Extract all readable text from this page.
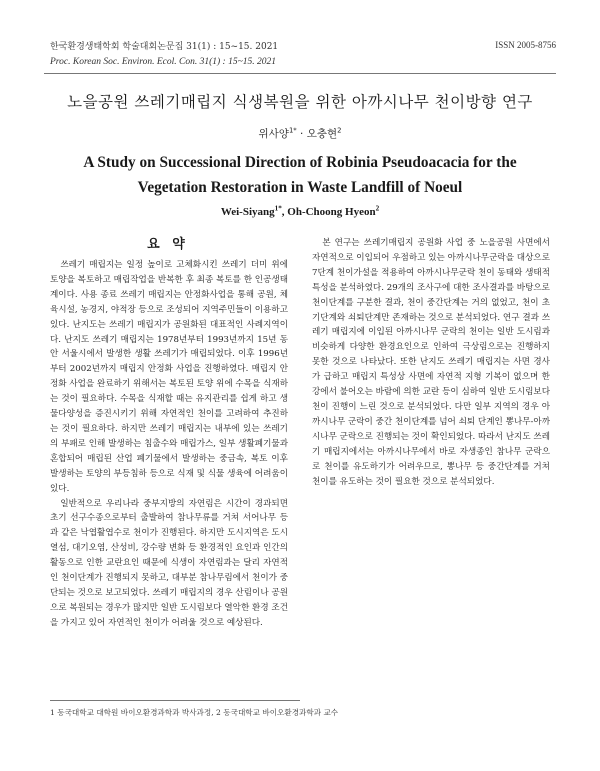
한국환경생태학회 학술대회논문집 31(1) : 15~15. 2021
Proc. Korean Soc. Environ. Ecol. Con. 31(1) : 15~15. 2021
ISSN 2005-8756
노을공원 쓰레기매립지 식생복원을 위한 아까시나무 천이방향 연구
위사양$^{1*}$ · 오충현$^2$
A Study on Successional Direction of Robinia Pseudoacacia for the Vegetation Restoration in Waste Landfill of Noeul
Wei-Siyang$^{1*}$, Oh-Choong Hyeon$^2$
요 약

쓰레기 매립지는 일정 높이로 고체화시킨 쓰레기 더미 위에 토양을 복토하고 매립작업을 반복한 후 최종 복토를 한 인공생태계이다. 사용 종료 쓰레기 매립지는 안정화사업을 통해 공원, 체육시설, 농경지, 야적장 등으로 조성되어 지역주민들이 이용하고 있다. 난지도는 쓰레기 매립지가 공원화된 대표적인 사례지역이다. 난지도 쓰레기 매립지는 1978년부터 1993년까지 15년 동안 서울시에서 발생한 생활 쓰레기가 매립되었다. 이후 1996년부터 2002년까지 매립지 안정화 사업을 진행하였다. 매립지 안정화 사업을 완료하기 위해서는 복토된 토양 위에 수목을 식재하는 것이 필요하다. 수목을 식재할 때는 유지관리를 쉽게 하고 생물다양성을 증진시키기 위해 자연적인 천이를 고려하여 추진하는 것이 필요하다. 하지만 쓰레기 매립지는 내부에 있는 쓰레기의 부패로 인해 발생하는 침출수와 매립가스, 일부 생활폐기물과 혼합되어 매립된 산업 폐기물에서 발생하는 중금속, 복토 이후 발생하는 토양의 부등침하 등으로 식재 및 식물 생육에 어려움이 있다.

일반적으로 우리나라 중부지방의 자연림은 시간이 경과되면 초기 선구수종으로부터 출발하여 참나무류를 거쳐 서어나무 등과 같은 낙엽활엽수로 천이가 진행된다. 하지만 도시지역은 도시열섬, 대기오염, 산성비, 강수량 변화 등 환경적인 요인과 인간의 활동으로 인한 교란요인 때문에 식생이 자연림과는 달리 자연적인 천이단계가 진행되지 못하고, 대부분 참나무림에서 천이가 중단되는 것으로 보고되었다. 쓰레기 매립지의 경우 산림이나 공원으로 복원되는 경우가 많지만 일반 도시림보다 열악한 환경 조건을 가지고 있어 자연적인 천이가 어려울 것으로 예상된다.

본 연구는 쓰레기매립지 공원화 사업 중 노을공원 사면에서 자연적으로 이입되어 우점하고 있는 아까시나무군락을 대상으로 7단계 천이가설을 적용하여 아까시나무군락 천이 동태와 생태적 특성을 분석하였다. 29개의 조사구에 대한 조사결과를 바탕으로 천이단계를 구분한 결과, 천이 중간단계는 거의 없었고, 천이 초기단계와 쇠퇴단계만 존재하는 것으로 분석되었다. 연구 결과 쓰레기 매립지에 이입된 아까시나무 군락의 천이는 일반 도시림과 비슷하게 다양한 환경요인으로 인하여 극상림으로는 진행하지 못한 것으로 나타났다. 또한 난지도 쓰레기 매립지는 사면 경사가 급하고 매립지 특성상 사면에 자연적 지형 기복이 없으며 한강에서 불어오는 바람에 의한 교란 등이 심하여 일반 도시림보다 천이 진행이 느린 것으로 분석되었다. 다만 일부 지역의 경우 아까시나무 군락이 중간 천이단계를 넘어 쇠퇴 단계인 뽕나무-아까시나무 군락으로 진행되는 것이 확인되었다. 따라서 난지도 쓰레기 매립지에서는 아까시나무에서 바로 자생종인 참나무 군락으로 천이를 유도하기가 어려우므로, 뽕나무 등 중간단계를 거쳐 천이를 유도하는 것이 필요한 것으로 분석되었다.

1 동국대학교 대학원 바이오환경과학과 박사과정, 2 동국대학교 바이오환경과학과 교수
